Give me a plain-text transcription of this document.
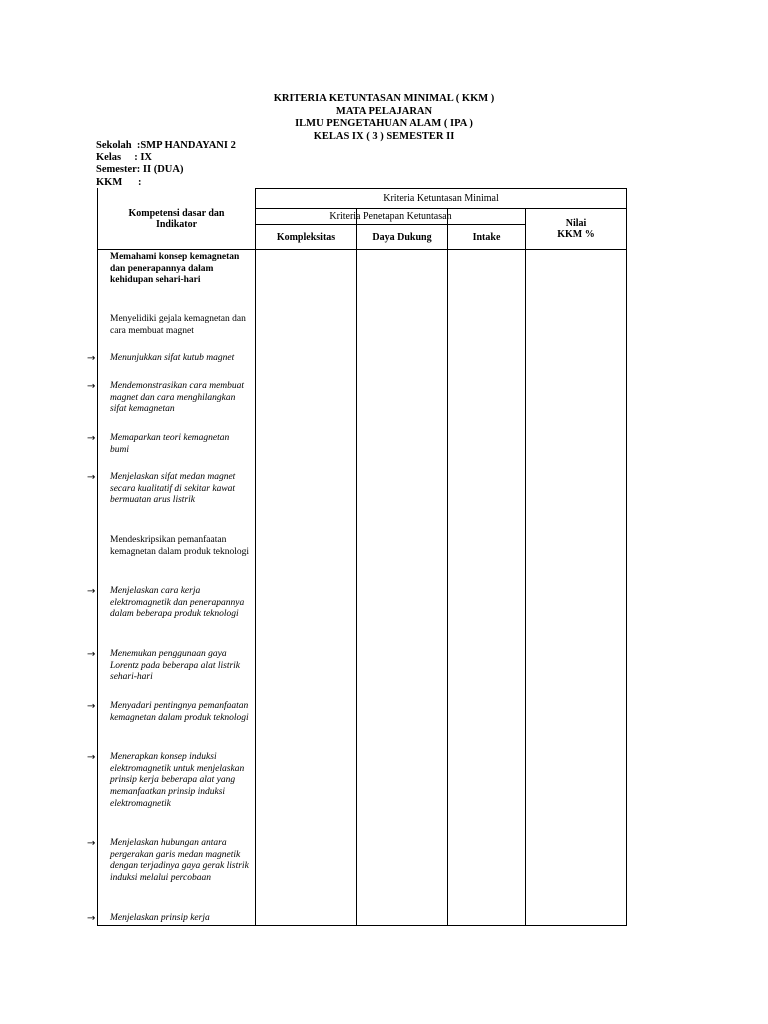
KRITERIA KETUNTASAN MINIMAL ( KKM )
MATA PELAJARAN
ILMU PENGETAHUAN ALAM ( IPA )
KELAS IX ( 3 ) SEMESTER II
Sekolah  :SMP HANDAYANI 2
Kelas     : IX
Semester: II (DUA)
KKM      :
Kompetensi dasar dan Indikator
Kriteria Ketuntasan Minimal
Kriteria Penetapan Ketuntasan
Kompleksitas	Daya Dukung	Intake
Nilai KKM %
Memahami konsep kemagnetan dan penerapannya dalam kehidupan sehari-hari
Menyelidiki gejala kemagnetan dan cara membuat magnet
→ Menunjukkan sifat kutub magnet
→ Mendemonstrasikan cara membuat magnet dan cara menghilangkan sifat kemagnetan
→ Memaparkan teori kemagnetan bumi
→ Menjelaskan sifat medan magnet secara kualitatif di sekitar kawat bermuatan arus listrik
Mendeskripsikan pemanfaatan kemagnetan dalam produk teknologi
→ Menjelaskan cara kerja elektromagnetik dan penerapannya dalam beberapa produk teknologi
→ Menemukan penggunaan gaya Lorentz pada beberapa alat listrik sehari-hari
→ Menyadari pentingnya pemanfaatan kemagnetan dalam produk teknologi
→ Menerapkan konsep induksi elektromagnetik untuk menjelaskan prinsip kerja beberapa alat yang memanfaatkan prinsip induksi elektromagnetik
→ Menjelaskan hubungan antara pergerakan garis medan magnetik dengan terjadinya gaya gerak listrik induksi melalui percobaan
→ Menjelaskan prinsip kerja
